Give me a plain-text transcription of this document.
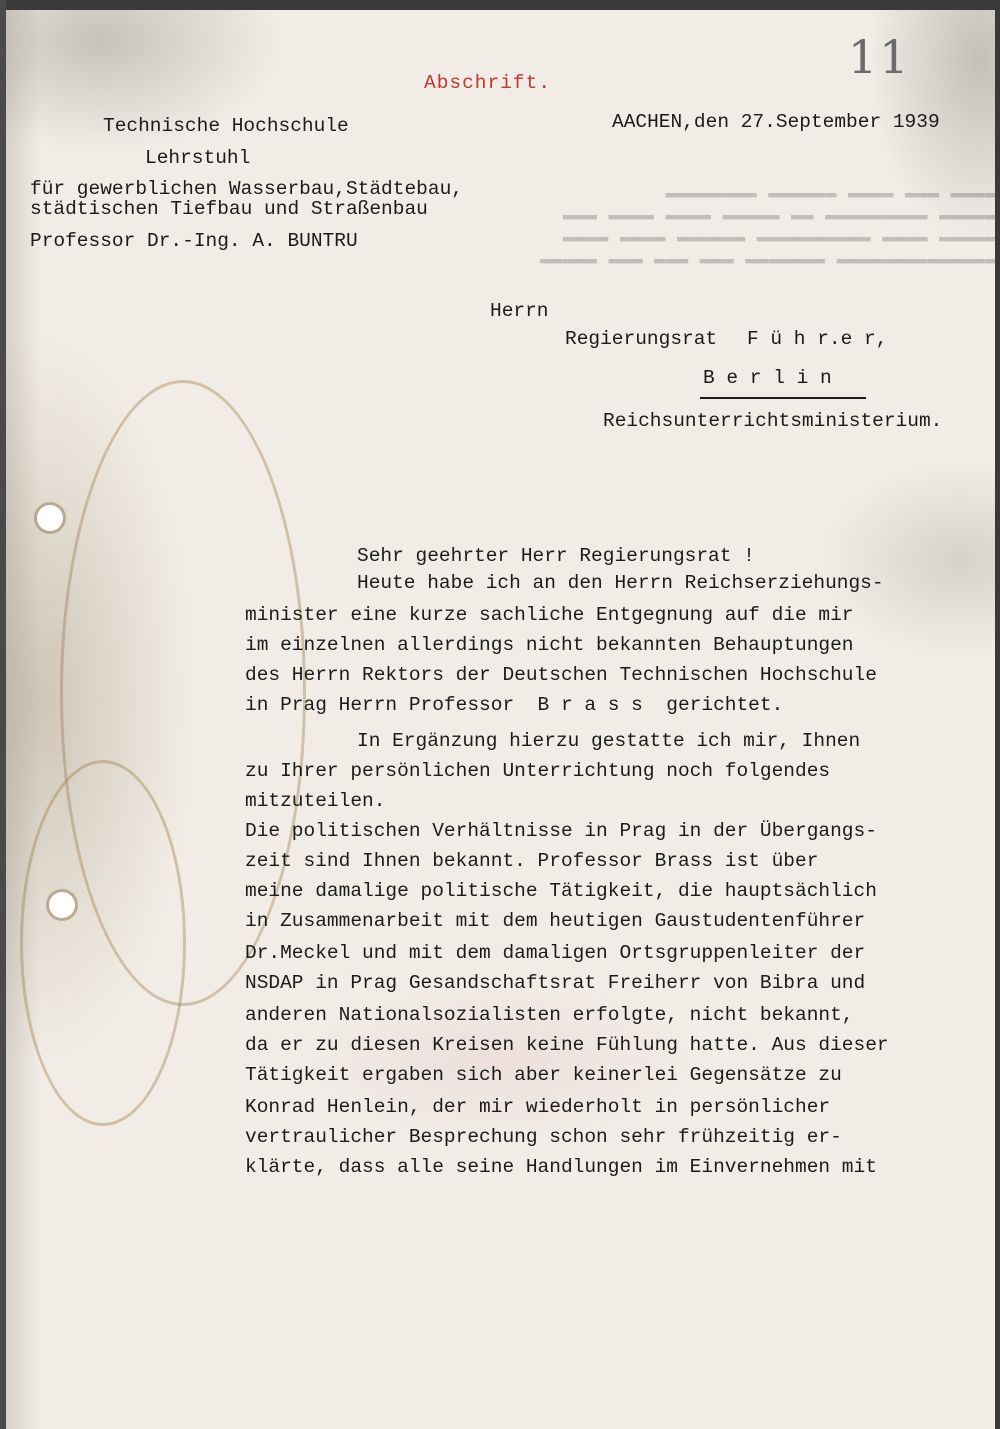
▬▬▬▬ ▬▬▬ ▬▬▬▬ ▬▬▬▬▬▬ ▬▬▬▬▬▬▬▬
▬▬▬▬▬ ▬▬▬▬▬▬▬▬▬ ▬▬ ▬▬▬▬▬ ▬▬▬▬ ▬▬▬▬ ▬▬▬
▬▬▬▬▬ ▬▬▬▬ ▬▬▬▬▬▬▬▬▬▬ ▬▬▬▬▬▬ ▬▬▬▬ ▬▬▬▬
▬▬▬▬▬▬▬▬▬▬▬▬▬▬ ▬▬▬▬▬▬▬ ▬▬▬ ▬▬▬ ▬▬▬ ▬▬▬▬▬
11
Abschrift.
Technische Hochschule	AACHEN,den 27.September 1939
Lehrstuhl
für gewerblichen Wasserbau,Städtebau,
städtischen Tiefbau und Straßenbau
Professor Dr.-Ing. A. BUNTRU
Herrn
Regierungsrat F ü h r.e r,
B e r l i n
Reichsunterrichtsministerium.
Sehr geehrter Herr Regierungsrat !
Heute habe ich an den Herrn Reichserziehungs-
minister eine kurze sachliche Entgegnung auf die mir
im einzelnen allerdings nicht bekannten Behauptungen
des Herrn Rektors der Deutschen Technischen Hochschule
in Prag Herrn Professor  B r a s s  gerichtet.
In Ergänzung hierzu gestatte ich mir, Ihnen
zu Ihrer persönlichen Unterrichtung noch folgendes
mitzuteilen.
Die politischen Verhältnisse in Prag in der Übergangs-
zeit sind Ihnen bekannt. Professor Brass ist über
meine damalige politische Tätigkeit, die hauptsächlich
in Zusammenarbeit mit dem heutigen Gaustudentenführer
Dr.Meckel und mit dem damaligen Ortsgruppenleiter der
NSDAP in Prag Gesandschaftsrat Freiherr von Bibra und
anderen Nationalsozialisten erfolgte, nicht bekannt,
da er zu diesen Kreisen keine Fühlung hatte. Aus dieser
Tätigkeit ergaben sich aber keinerlei Gegensätze zu
Konrad Henlein, der mir wiederholt in persönlicher
vertraulicher Besprechung schon sehr frühzeitig er-
klärte, dass alle seine Handlungen im Einvernehmen mit
